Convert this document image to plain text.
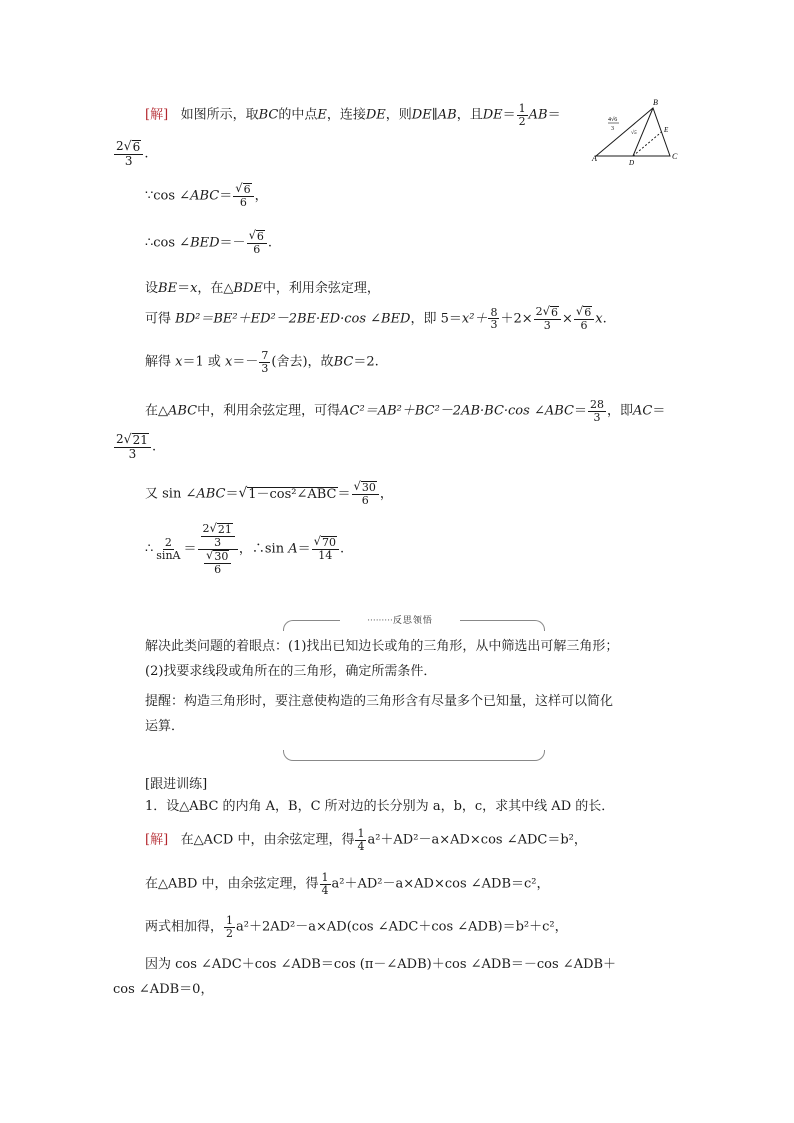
[解] 如图所示，取BC的中点E，连接DE，则DE∥AB，且$DE= \frac{1}{2} AB=$
$\frac{2 √ 6}{3}$ .	A
B
C
D
E
4√6
3
√5
∵cos ∠ABC＝ $\frac{√ 6}{6}$ ，
∴cos ∠BED＝－ $\frac{√ 6}{6}$ .
设BE＝x，在△BDE中，利用余弦定理，
可得 BD²＝BE²＋ED²－2BE·ED·cos ∠BED，即 $5=x^2+ \frac{8}{3} +2\times \frac{2 √ 6}{3} \times \frac{√ 6}{6} x$.
解得 x＝1 或 $x=- \frac{7}{3}$ (舍去)，故BC＝2.
在△ABC中，利用余弦定理，可得AC²＝AB²＋BC²－2AB·BC·cos ∠ABC＝ $\frac{28}{3}$ ，即AC＝
$\frac{2 √ 21}{3}$ .
又 sin ∠ABC＝ √ 1－cos²∠ABC ＝ $\frac{√ 30}{6}$ ，
∴ $\frac{2}{\sin A} = \frac{\frac{2 √ 21}{3}}{\frac{√ 30}{6}}$ ，∴sin $A= \frac{√ 70}{14}$ .
·········反思领悟
解决此类问题的着眼点：(1)找出已知边长或角的三角形，从中筛选出可解三角形；(2)找要求线段或角所在的三角形，确定所需条件．
提醒：构造三角形时，要注意使构造的三角形含有尽量多个已知量，这样可以简化运算．
[跟进训练]
1．设△ABC 的内角 A，B，C 所对边的长分别为 a，b，c，求其中线 AD 的长．
[解] 在△ACD 中，由余弦定理，得 $\frac{1}{4} a^2+AD^2-a\times AD\times\cos$ ∠ADC＝b²，
在△ABD 中，由余弦定理，得 $\frac{1}{4} a^2+AD^2-a\times AD\times\cos$ ∠ADB＝c²，
两式相加得， $\frac{1}{2} a^2+2AD^2-a\times AD(\cos$ ∠ADC＋cos ∠ADB)＝b²＋c²，
因为 cos ∠ADC＋cos ∠ADB＝cos (π－∠ADB)＋cos ∠ADB＝－cos ∠ADB＋cos ∠ADB＝0，
